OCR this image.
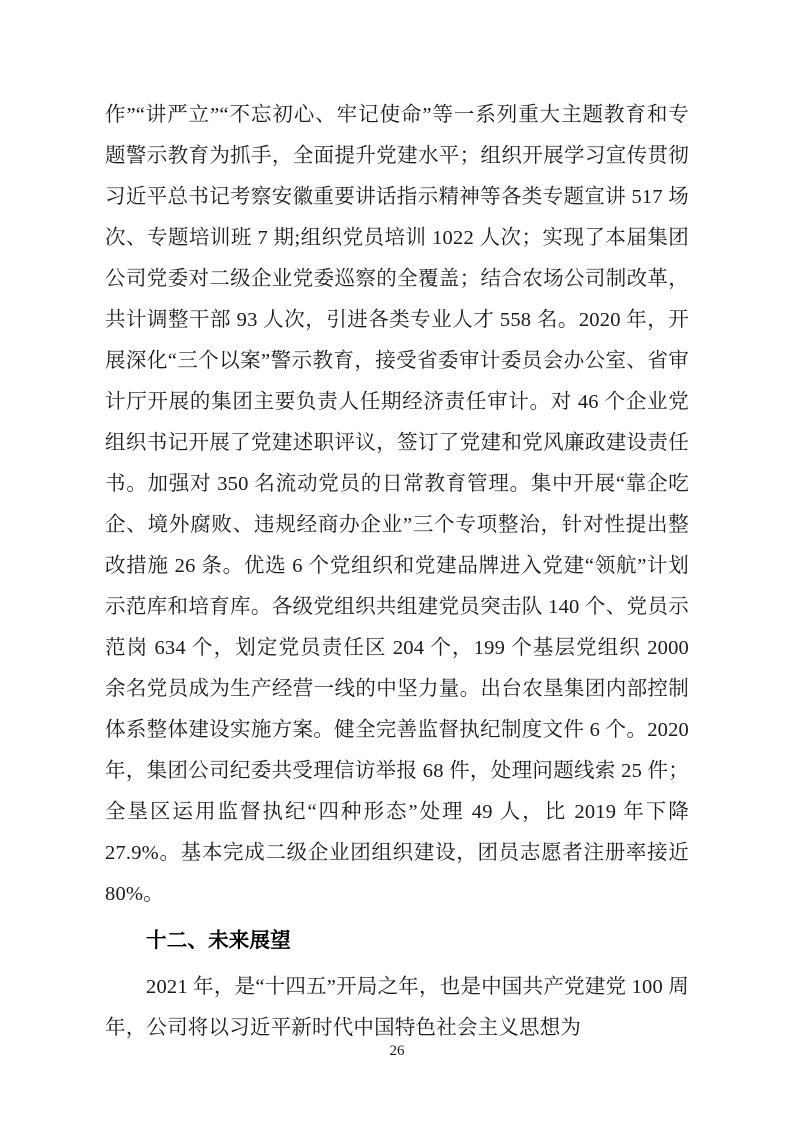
作”“讲严立”“不忘初心、牢记使命”等一系列重大主题教育和专题警示教育为抓手，全面提升党建水平；组织开展学习宣传贯彻习近平总书记考察安徽重要讲话指示精神等各类专题宣讲 517 场次、专题培训班 7 期;组织党员培训 1022 人次；实现了本届集团公司党委对二级企业党委巡察的全覆盖；结合农场公司制改革，共计调整干部 93 人次，引进各类专业人才 558 名。2020 年，开展深化“三个以案”警示教育，接受省委审计委员会办公室、省审计厅开展的集团主要负责人任期经济责任审计。对 46 个企业党组织书记开展了党建述职评议，签订了党建和党风廉政建设责任书。加强对 350 名流动党员的日常教育管理。集中开展“靠企吃企、境外腐败、违规经商办企业”三个专项整治，针对性提出整改措施 26 条。优选 6 个党组织和党建品牌进入党建“领航”计划示范库和培育库。各级党组织共组建党员突击队 140 个、党员示范岗 634 个，划定党员责任区 204 个，199 个基层党组织 2000 余名党员成为生产经营一线的中坚力量。出台农垦集团内部控制体系整体建设实施方案。健全完善监督执纪制度文件 6 个。2020 年，集团公司纪委共受理信访举报 68 件，处理问题线索 25 件；全垦区运用监督执纪“四种形态”处理 49 人，比 2019 年下降 27.9%。基本完成二级企业团组织建设，团员志愿者注册率接近 80%。

十二、未来展望

2021 年，是“十四五”开局之年，也是中国共产党建党 100 周年，公司将以习近平新时代中国特色社会主义思想为

26
